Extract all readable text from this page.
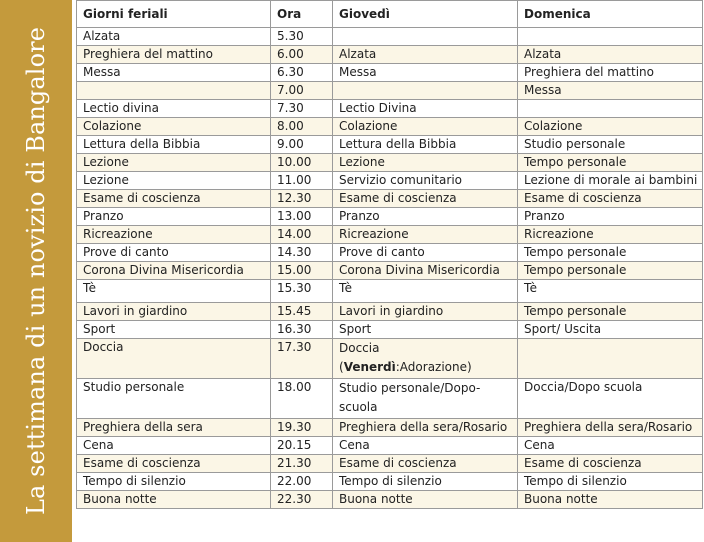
La settimana di un novizio di Bangalore
Giorni feriali	Ora	Giovedì	Domenica
Alzata	5.30		
Preghiera del mattino	6.00	Alzata	Alzata
Messa	6.30	Messa	Preghiera del mattino
	7.00		Messa
Lectio divina	7.30	Lectio Divina	
Colazione	8.00	Colazione	Colazione
Lettura della Bibbia	9.00	Lettura della Bibbia	Studio personale
Lezione	10.00	Lezione	Tempo personale
Lezione	11.00	Servizio comunitario	Lezione di morale ai bambini
Esame di coscienza	12.30	Esame di coscienza	Esame di coscienza
Pranzo	13.00	Pranzo	Pranzo
Ricreazione	14.00	Ricreazione	Ricreazione
Prove di canto	14.30	Prove di canto	Tempo personale
Corona Divina Misericordia	15.00	Corona Divina Misericordia	Tempo personale
Tè	15.30	Tè	Tè
Lavori in giardino	15.45	Lavori in giardino	Tempo personale
Sport	16.30	Sport	Sport/ Uscita
Doccia	17.30	Doccia
(Venerdì:Adorazione)	
Studio personale	18.00	Studio personale/Dopo-scuola	Doccia/Dopo scuola
Preghiera della sera	19.30	Preghiera della sera/Rosario	Preghiera della sera/Rosario
Cena	20.15	Cena	Cena
Esame di coscienza	21.30	Esame di coscienza	Esame di coscienza
Tempo di silenzio	22.00	Tempo di silenzio	Tempo di silenzio
Buona notte	22.30	Buona notte	Buona notte
